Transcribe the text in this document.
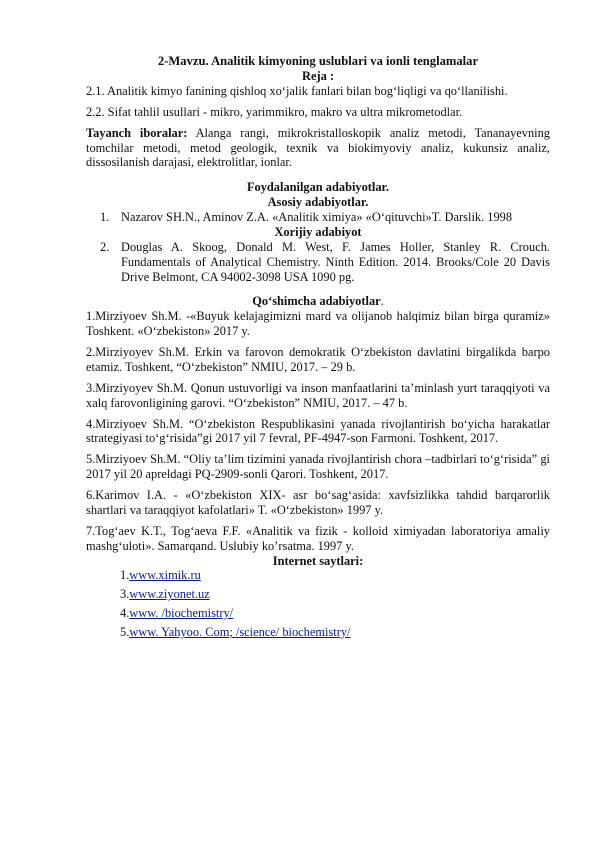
2-Mavzu. Analitik kimyoning uslublari va ionli tenglamalar

Reja :

2.1. Analitik kimyo fanining qishloq xo‘jalik fanlari bilan bog‘liqligi va qo‘llanilishi.

2.2. Sifat tahlil usullari - mikro, yarimmikro, makro va ultra mikrometodlar.

Tayanch iboralar: Alanga rangi, mikrokristalloskopik analiz metodi, Tananayevning tomchilar metodi, metod geologik, texnik va biokimyoviy analiz, kukunsiz analiz, dissosilanish darajasi, elektrolitlar, ionlar.

Foydalanilgan adabiyotlar.

Asosiy adabiyotlar.

1. Nazarov SH.N., Aminov Z.A. «Analitik ximiya» «O‘qituvchi»T. Darslik. 1998

Xorijiy adabiyot

2. Douglas A. Skoog, Donald M. West, F. James Holler, Stanley R. Crouch. Fundamentals of Analytical Chemistry. Ninth Edition. 2014. Brooks/Cole 20 Davis Drive Belmont, CA 94002-3098 USA 1090 pg.

Qo‘shimcha adabiyotlar.

1.Mirziyoev Sh.M. -«Buyuk kelajagimizni mard va olijanob halqimiz bilan birga quramiz» Toshkent. «O‘zbekiston» 2017 y.

2.Mirziyoyev Sh.M. Erkin va farovon demokratik O‘zbekiston davlatini birgalikda barpo etamiz. Toshkent, “O‘zbekiston” NMIU, 2017. – 29 b.

3.Mirziyoyev Sh.M. Qonun ustuvorligi va inson manfaatlarini ta’minlash yurt taraqqiyoti va xalq farovonligining garovi. “O‘zbekiston” NMIU, 2017. – 47 b.

4.Mirziyoev Sh.M. “O‘zbekiston Respublikasini yanada rivojlantirish bo‘yicha harakatlar strategiyasi to‘g‘risida”gi 2017 yil 7 fevral, PF-4947-son Farmoni. Toshkent, 2017.

5.Mirziyoev Sh.M. “Oliy ta’lim tizimini yanada rivojlantirish chora –tadbirlari to‘g‘risida” gi 2017 yil 20 apreldagi PQ-2909-sonli Qarori. Toshkent, 2017.

6.Karimov I.A. - «O‘zbekiston XIX- asr bo‘sag‘asida: xavfsizlikka tahdid barqarorlik shartlari va taraqqiyot kafolatlari» T. «O‘zbekiston» 1997 y.

7.Tog‘aev K.T., Tog‘aeva F.F. «Analitik va fizik - kolloid ximiyadan laboratoriya amaliy mashg‘uloti». Samarqand. Uslubiy ko’rsatma. 1997 y.

Internet saytlari:

1.www.ximik.ru
3.www.ziyonet.uz
4.www. /biochemistry/
5.www. Yahyoo. Com; /science/ biochemistry/
